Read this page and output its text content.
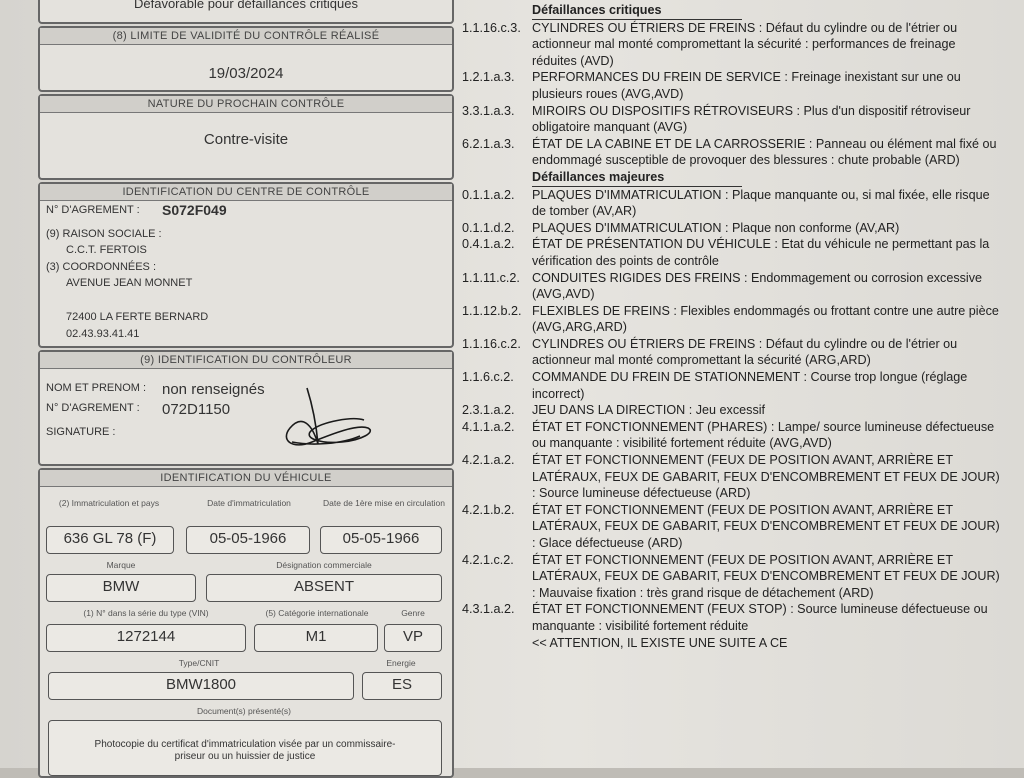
Défavorable pour défaillances critiques
(8) LIMITE DE VALIDITÉ DU CONTRÔLE RÉALISÉ
19/03/2024
NATURE DU PROCHAIN CONTRÔLE
Contre-visite
IDENTIFICATION DU CENTRE DE CONTRÔLE
N° D'AGREMENT : S072F049
(9) RAISON SOCIALE :
C.C.T. FERTOIS
(3) COORDONNÉES :
AVENUE JEAN MONNET
72400 LA FERTE BERNARD
02.43.93.41.41
(9) IDENTIFICATION DU CONTRÔLEUR
NOM ET PRENOM : non renseignés
N° D'AGREMENT : 072D1150
SIGNATURE :
IDENTIFICATION DU VÉHICULE
(2) Immatriculation et pays	Date d'immatriculation	Date de 1ère mise en circulation
636 GL 78 (F)	05-05-1966	05-05-1966
Marque	Désignation commerciale
BMW	ABSENT
(1) N° dans la série du type (VIN)	(5) Catégorie internationale	Genre
1272144	M1	VP
Type/CNIT	Energie
BMW1800	ES
Document(s) présenté(s)
Photocopie du certificat d'immatriculation visée par un commissaire-priseur ou un huissier de justice
Défaillances critiques
1.1.16.c.3. CYLINDRES OU ÉTRIERS DE FREINS : Défaut du cylindre ou de l'étrier ou actionneur mal monté compromettant la sécurité : performances de freinage réduites (AVD)
1.2.1.a.3.	PERFORMANCES DU FREIN DE SERVICE : Freinage inexistant sur une ou plusieurs roues (AVG,AVD)
3.3.1.a.3.	MIROIRS OU DISPOSITIFS RÉTROVISEURS : Plus d'un dispositif rétroviseur obligatoire manquant (AVG)
6.2.1.a.3.	ÉTAT DE LA CABINE ET DE LA CARROSSERIE : Panneau ou élément mal fixé ou endommagé susceptible de provoquer des blessures : chute probable (ARD)
Défaillances majeures
0.1.1.a.2.	PLAQUES D'IMMATRICULATION : Plaque manquante ou, si mal fixée, elle risque de tomber (AV,AR)
0.1.1.d.2.	PLAQUES D'IMMATRICULATION : Plaque non conforme (AV,AR)
0.4.1.a.2.	ÉTAT DE PRÉSENTATION DU VÉHICULE : Etat du véhicule ne permettant pas la vérification des points de contrôle
1.1.11.c.2. CONDUITES RIGIDES DES FREINS : Endommagement ou corrosion excessive (AVG,AVD)
1.1.12.b.2. FLEXIBLES DE FREINS : Flexibles endommagés ou frottant contre une autre pièce (AVG,ARG,ARD)
1.1.16.c.2. CYLINDRES OU ÉTRIERS DE FREINS : Défaut du cylindre ou de l'étrier ou actionneur mal monté compromettant la sécurité (ARG,ARD)
1.1.6.c.2.	COMMANDE DU FREIN DE STATIONNEMENT : Course trop longue (réglage incorrect)
2.3.1.a.2.	JEU DANS LA DIRECTION : Jeu excessif
4.1.1.a.2.	ÉTAT ET FONCTIONNEMENT (PHARES) : Lampe/ source lumineuse défectueuse ou manquante : visibilité fortement réduite (AVG,AVD)
4.2.1.a.2.	ÉTAT ET FONCTIONNEMENT (FEUX DE POSITION AVANT, ARRIÈRE ET LATÉRAUX, FEUX DE GABARIT, FEUX D'ENCOMBREMENT ET FEUX DE JOUR) : Source lumineuse défectueuse (ARD)
4.2.1.b.2.	ÉTAT ET FONCTIONNEMENT (FEUX DE POSITION AVANT, ARRIÈRE ET LATÉRAUX, FEUX DE GABARIT, FEUX D'ENCOMBREMENT ET FEUX DE JOUR) : Glace défectueuse (ARD)
4.2.1.c.2.	ÉTAT ET FONCTIONNEMENT (FEUX DE POSITION AVANT, ARRIÈRE ET LATÉRAUX, FEUX DE GABARIT, FEUX D'ENCOMBREMENT ET FEUX DE JOUR) : Mauvaise fixation : très grand risque de détachement (ARD)
4.3.1.a.2.	ÉTAT ET FONCTIONNEMENT (FEUX STOP) : Source lumineuse défectueuse ou manquante : visibilité fortement réduite
<< ATTENTION, IL EXISTE UNE SUITE A CE
